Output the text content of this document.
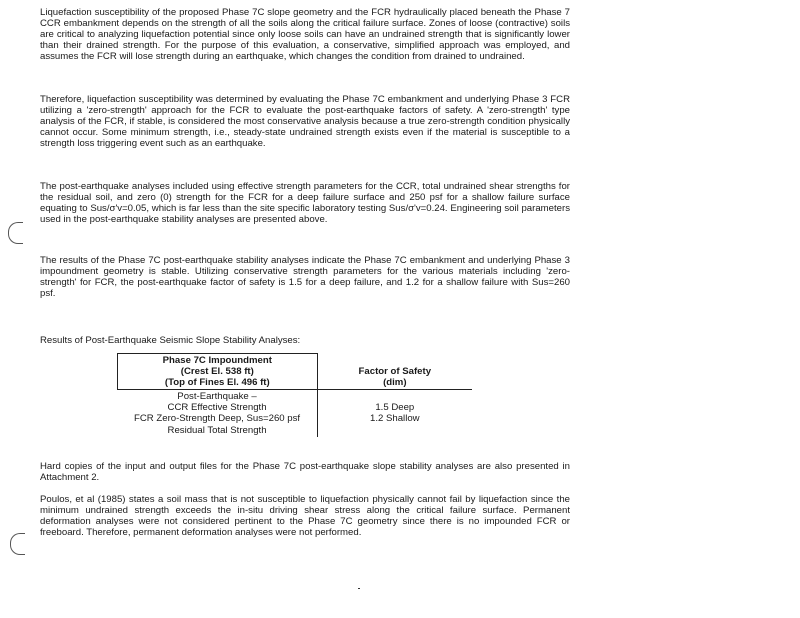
Liquefaction susceptibility of the proposed Phase 7C slope geometry and the FCR hydraulically placed beneath the Phase 7 CCR embankment depends on the strength of all the soils along the critical failure surface. Zones of loose (contractive) soils are critical to analyzing liquefaction potential since only loose soils can have an undrained strength that is significantly lower than their drained strength. For the purpose of this evaluation, a conservative, simplified approach was employed, and assumes the FCR will lose strength during an earthquake, which changes the condition from drained to undrained.

Therefore, liquefaction susceptibility was determined by evaluating the Phase 7C embankment and underlying Phase 3 FCR utilizing a 'zero-strength' approach for the FCR to evaluate the post-earthquake factors of safety. A 'zero-strength' type analysis of the FCR, if stable, is considered the most conservative analysis because a true zero-strength condition physically cannot occur. Some minimum strength, i.e., steady-state undrained strength exists even if the material is susceptible to a strength loss triggering event such as an earthquake.

The post-earthquake analyses included using effective strength parameters for the CCR, total undrained shear strengths for the residual soil, and zero (0) strength for the FCR for a deep failure surface and 250 psf for a shallow failure surface equating to Sus/σ'v=0.05, which is far less than the site specific laboratory testing Sus/σ'v=0.24. Engineering soil parameters used in the post-earthquake stability analyses are presented above.

The results of the Phase 7C post-earthquake stability analyses indicate the Phase 7C embankment and underlying Phase 3 impoundment geometry is stable. Utilizing conservative strength parameters for the various materials including 'zero-strength' for FCR, the post-earthquake factor of safety is 1.5 for a deep failure, and 1.2 for a shallow failure with Sus=260 psf.

Results of Post-Earthquake Seismic Slope Stability Analyses:

Phase 7C Impoundment
(Crest El. 538 ft)
(Top of Fines El. 496 ft)	Factor of Safety
(dim)

Post-Earthquake –
CCR Effective Strength
FCR Zero-Strength Deep, Sus=260 psf
Residual Total Strength	1.5 Deep
1.2 Shallow

Hard copies of the input and output files for the Phase 7C post-earthquake slope stability analyses are also presented in Attachment 2.

Poulos, et al (1985) states a soil mass that is not susceptible to liquefaction physically cannot fail by liquefaction since the minimum undrained strength exceeds the in-situ driving shear stress along the critical failure surface. Permanent deformation analyses were not considered pertinent to the Phase 7C geometry since there is no impounded FCR or freeboard. Therefore, permanent deformation analyses were not performed.
